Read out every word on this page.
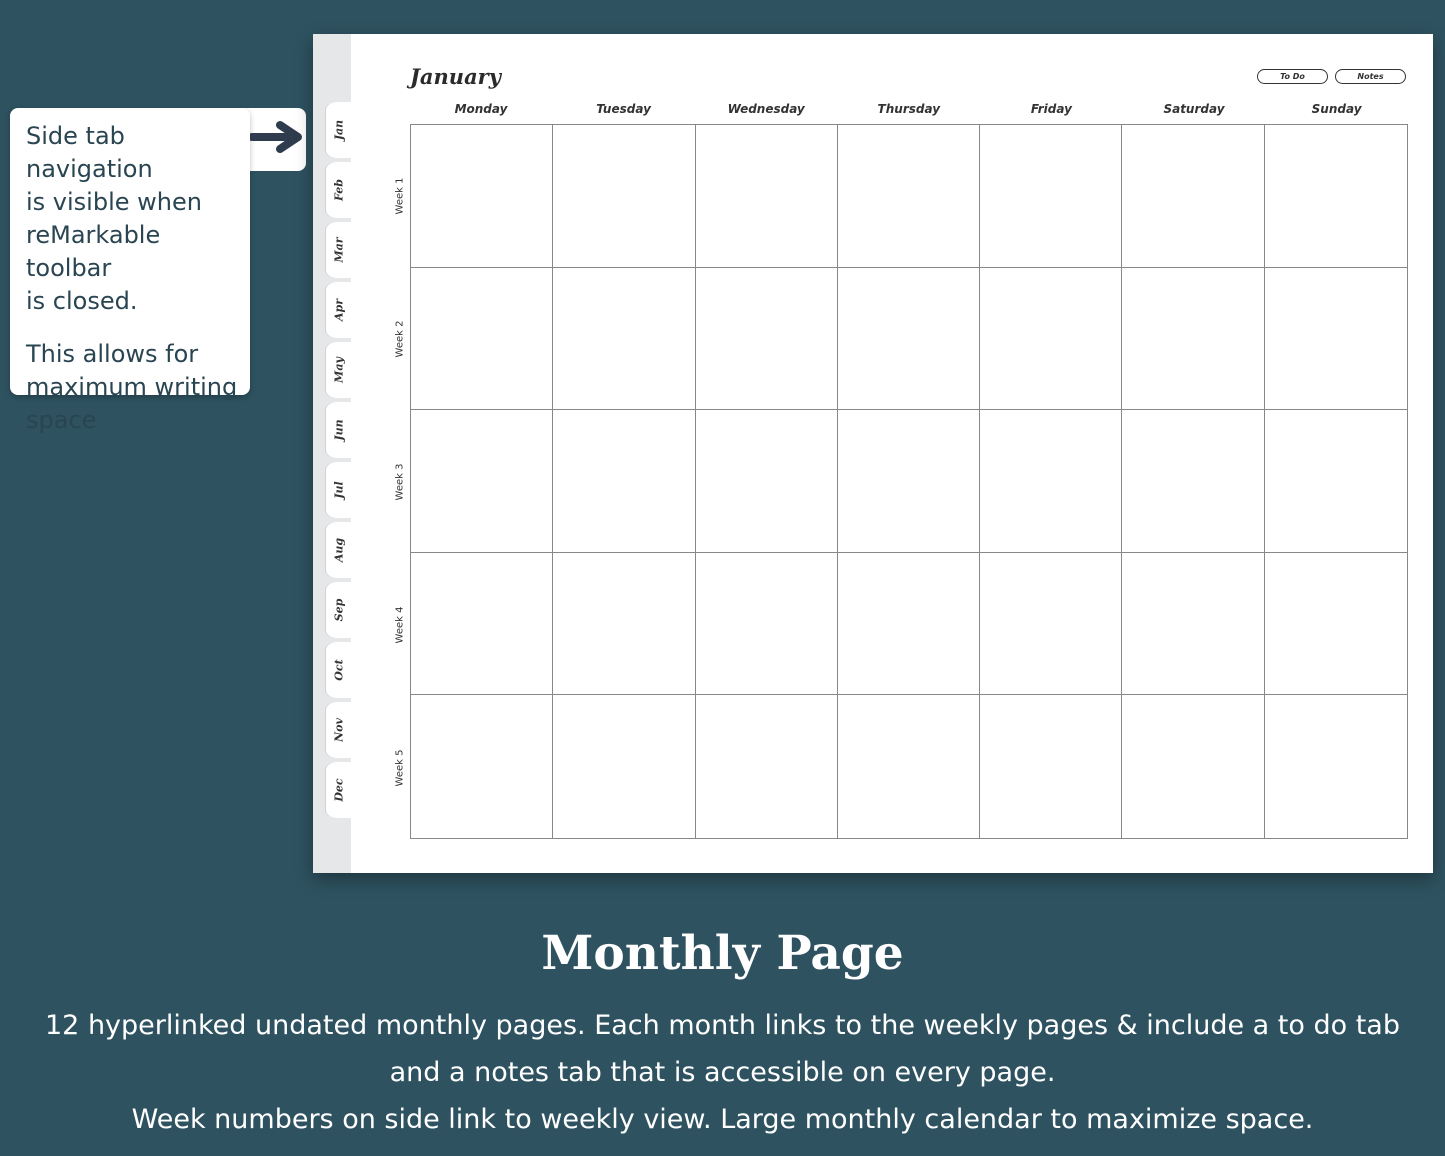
Side tab navigation
is visible when
reMarkable toolbar
is closed.

This allows for
maximum writing
space

Jan
Feb
Mar
Apr
May
Jun
Jul
Aug
Sep
Oct
Nov
Dec
January	To Do	Notes
Monday	Tuesday	Wednesday	Thursday	Friday	Saturday	Sunday
Week 1
Week 2
Week 3
Week 4
Week 5
Monthly Page
12 hyperlinked undated monthly pages. Each month links to the weekly pages & include a to do tab
and a notes tab that is accessible on every page.
Week numbers on side link to weekly view. Large monthly calendar to maximize space.
